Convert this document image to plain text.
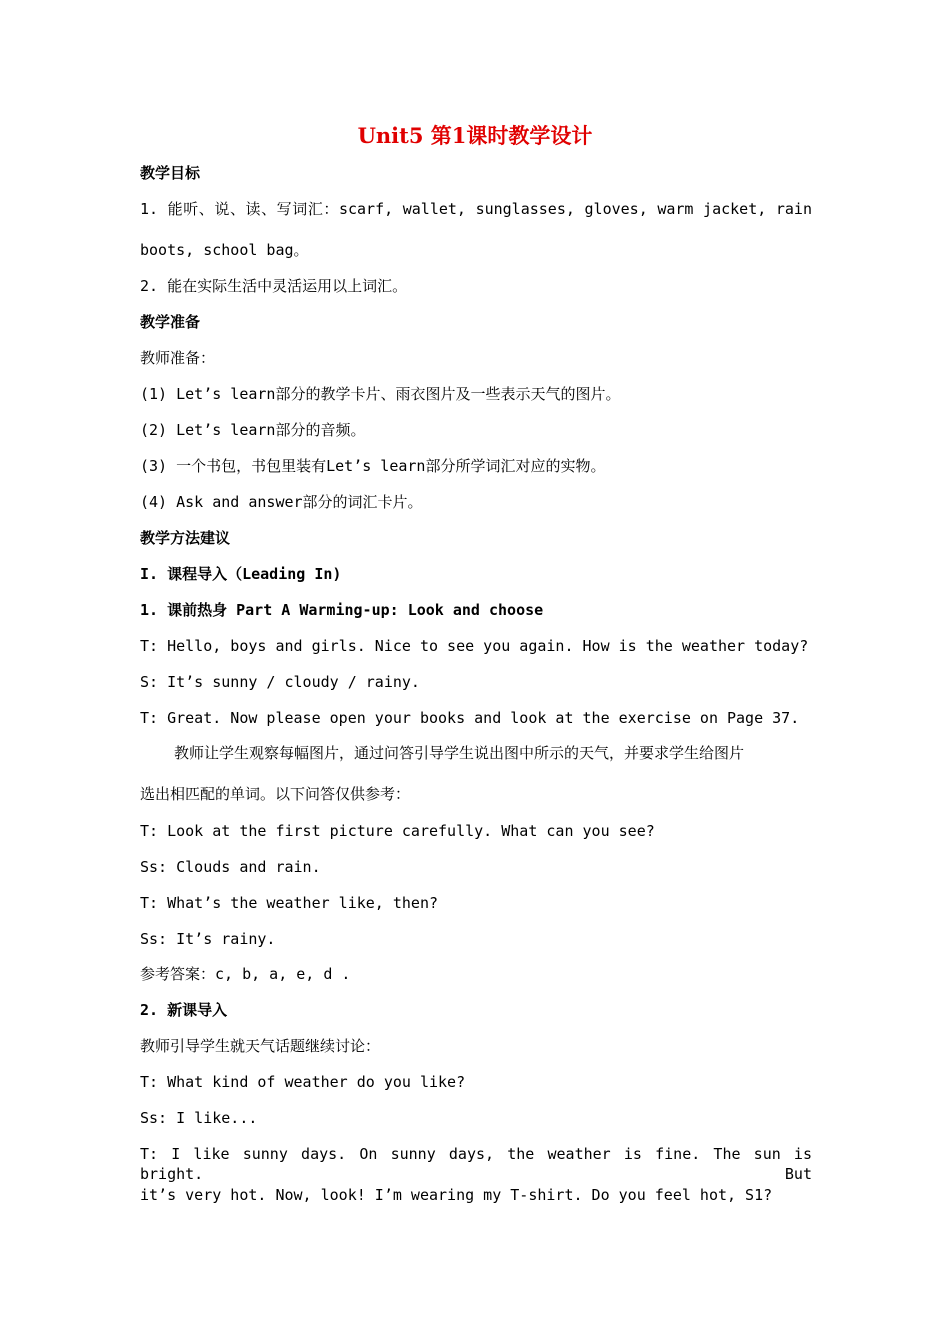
Unit5 第1课时教学设计
教学目标
1. 能听、说、读、写词汇：scarf, wallet, sunglasses, gloves, warm jacket, rain
boots, school bag。
2. 能在实际生活中灵活运用以上词汇。
教学准备
教师准备：
(1) Let’s learn部分的教学卡片、雨衣图片及一些表示天气的图片。
(2) Let’s learn部分的音频。
(3) 一个书包，书包里装有Let’s learn部分所学词汇对应的实物。
(4) Ask and answer部分的词汇卡片。
教学方法建议
I. 课程导入（Leading In)
1. 课前热身 Part A Warming-up: Look and choose
T: Hello, boys and girls. Nice to see you again. How is the weather today?
S: It’s sunny / cloudy / rainy.
T: Great. Now please open your books and look at the exercise on Page 37.
教师让学生观察每幅图片，通过问答引导学生说出图中所示的天气，并要求学生给图片
选出相匹配的单词。以下问答仅供参考：
T: Look at the first picture carefully. What can you see?
Ss: Clouds and rain.
T: What’s the weather like, then?
Ss: It’s rainy.
参考答案：c, b, a, e, d .
2. 新课导入
教师引导学生就天气话题继续讨论：
T: What kind of weather do you like?
Ss: I like...
T: I like sunny days. On sunny days, the weather is fine. The sun is bright. But
it’s very hot. Now, look! I’m wearing my T-shirt. Do you feel hot, S1?
